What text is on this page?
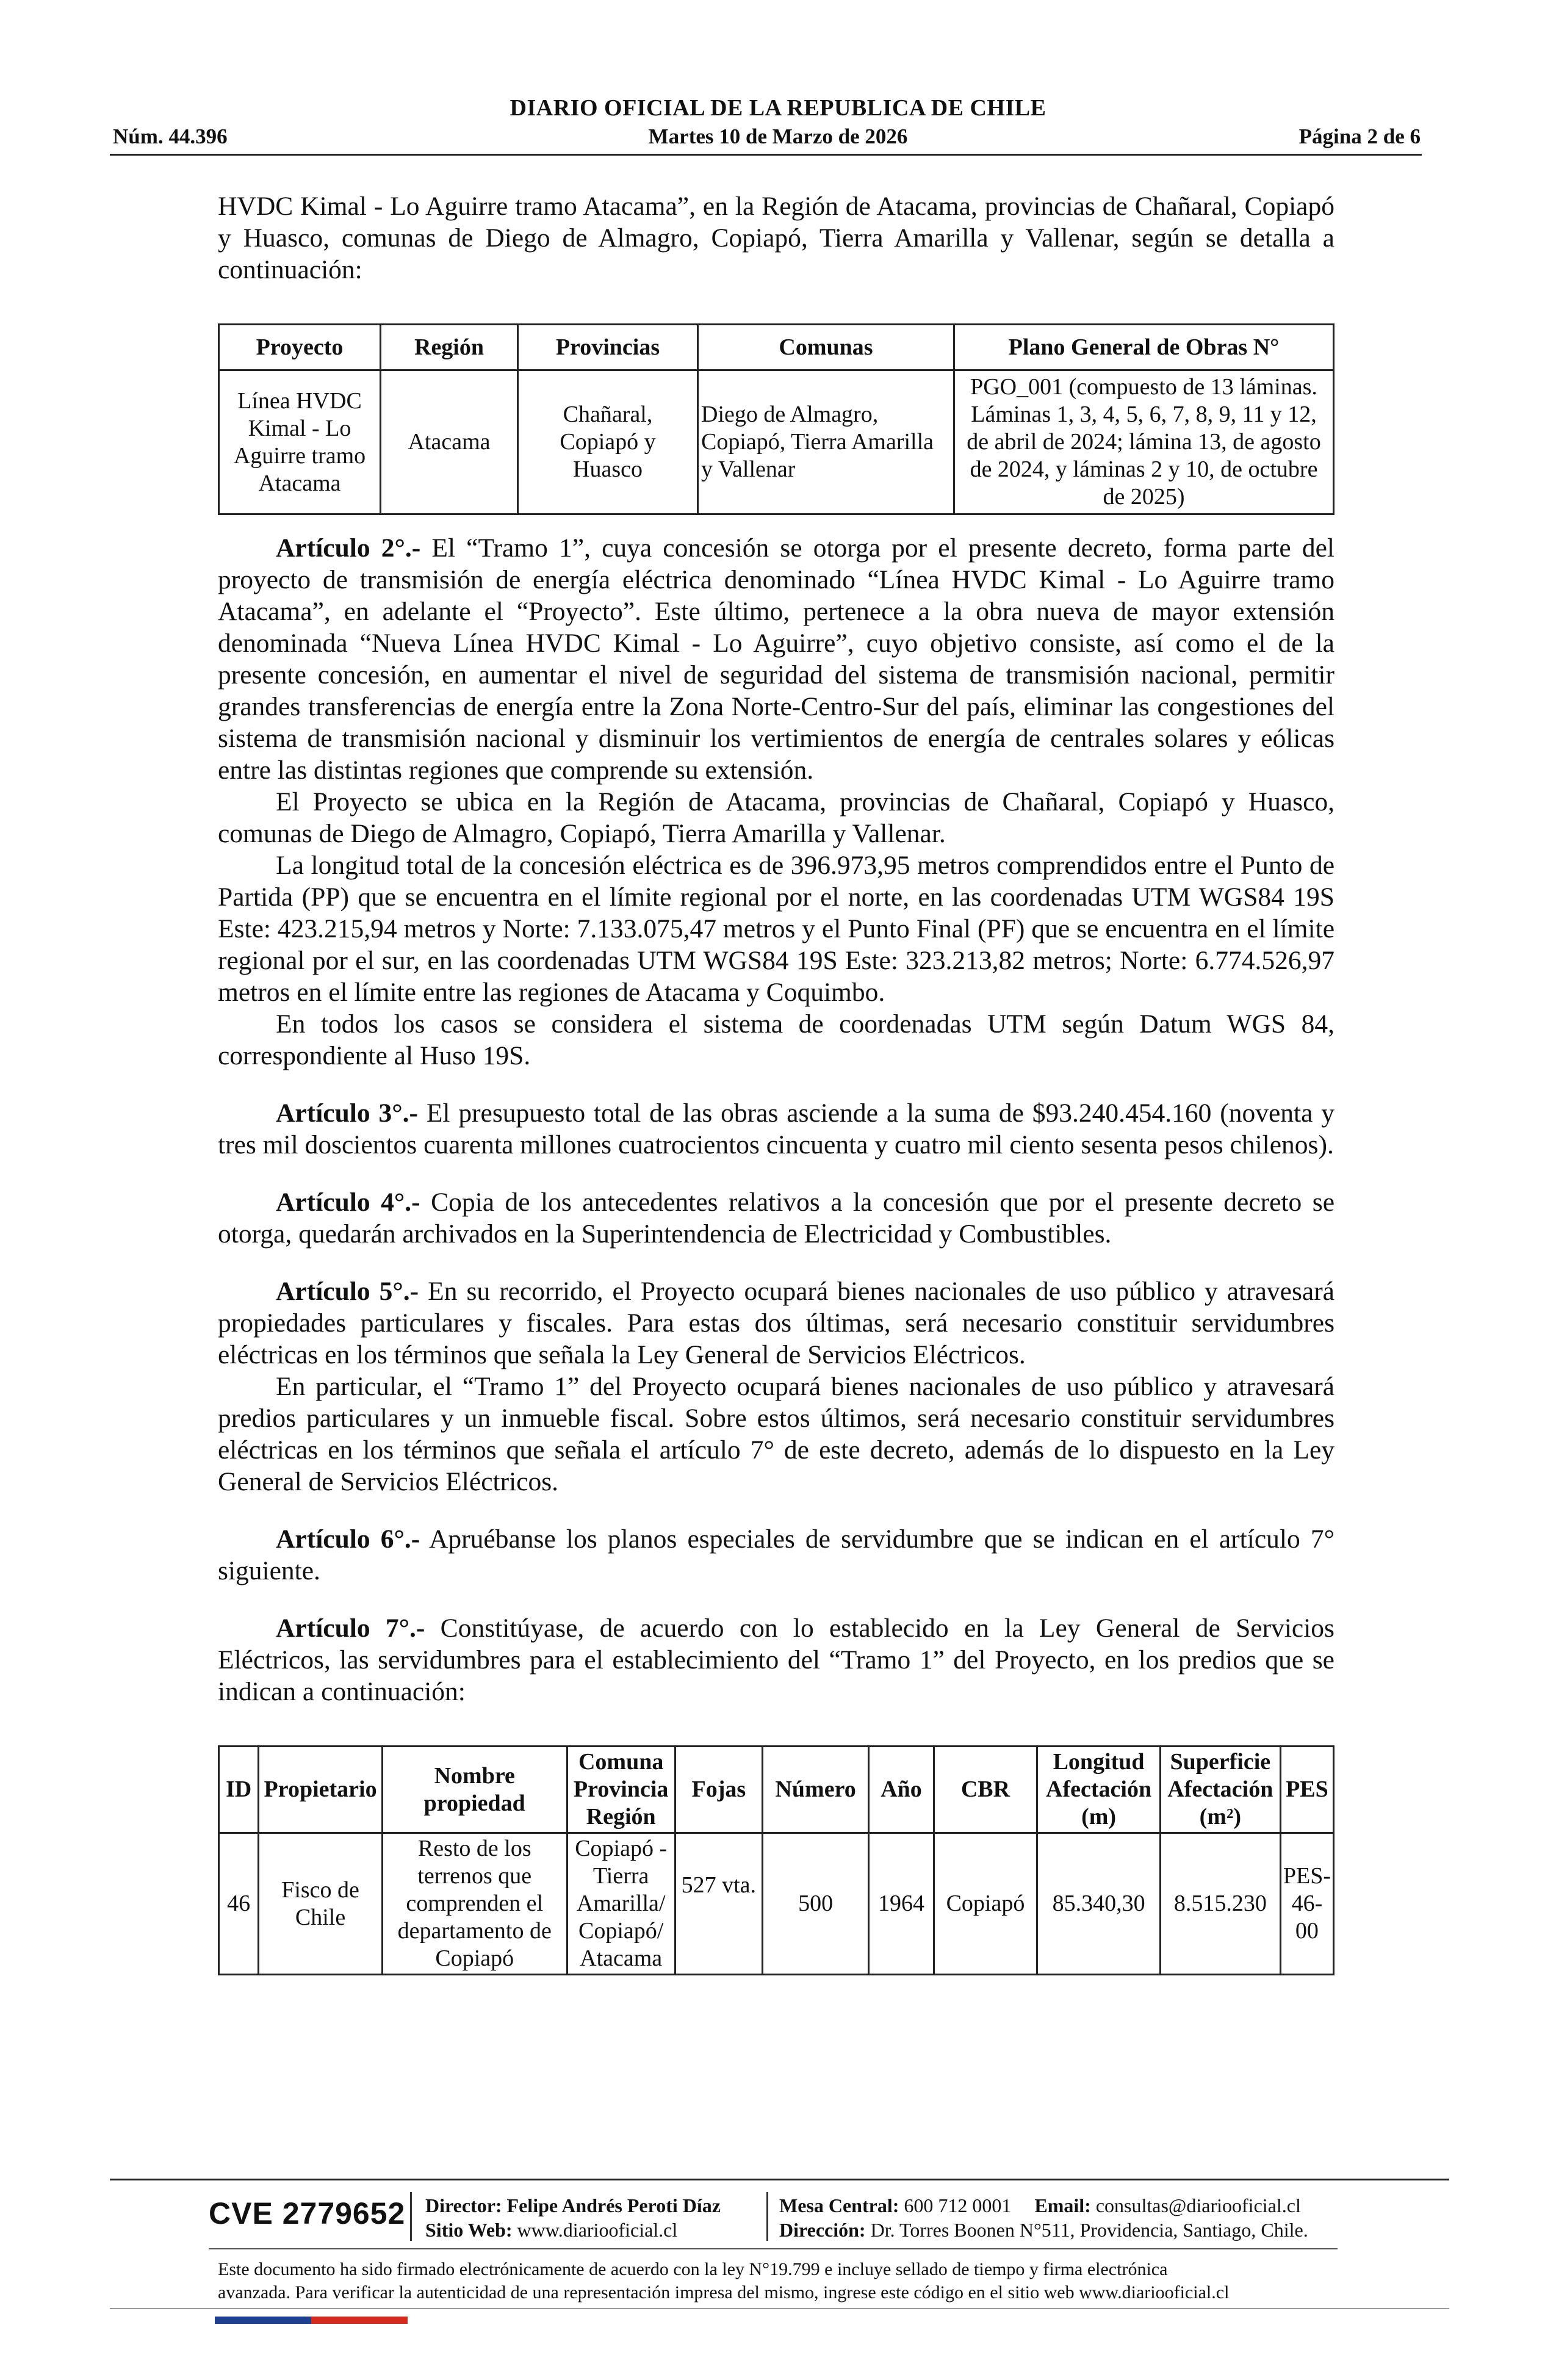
DIARIO OFICIAL DE LA REPUBLICA DE CHILE
Núm. 44.396	Martes 10 de Marzo de 2026	Página 2 de 6

HVDC Kimal - Lo Aguirre tramo Atacama”, en la Región de Atacama, provincias de Chañaral, Copiapó y Huasco, comunas de Diego de Almagro, Copiapó, Tierra Amarilla y Vallenar, según se detalla a continuación:

Proyecto	Región	Provincias	Comunas	Plano General de Obras N°
Línea HVDC Kimal - Lo Aguirre tramo Atacama	Atacama	Chañaral, Copiapó y Huasco	Diego de Almagro, Copiapó, Tierra Amarilla y Vallenar	PGO_001 (compuesto de 13 láminas. Láminas 1, 3, 4, 5, 6, 7, 8, 9, 11 y 12, de abril de 2024; lámina 13, de agosto de 2024, y láminas 2 y 10, de octubre de 2025)

Artículo 2°.- El “Tramo 1”, cuya concesión se otorga por el presente decreto, forma parte del proyecto de transmisión de energía eléctrica denominado “Línea HVDC Kimal - Lo Aguirre tramo Atacama”, en adelante el “Proyecto”. Este último, pertenece a la obra nueva de mayor extensión denominada “Nueva Línea HVDC Kimal - Lo Aguirre”, cuyo objetivo consiste, así como el de la presente concesión, en aumentar el nivel de seguridad del sistema de transmisión nacional, permitir grandes transferencias de energía entre la Zona Norte-Centro-Sur del país, eliminar las congestiones del sistema de transmisión nacional y disminuir los vertimientos de energía de centrales solares y eólicas entre las distintas regiones que comprende su extensión.

El Proyecto se ubica en la Región de Atacama, provincias de Chañaral, Copiapó y Huasco, comunas de Diego de Almagro, Copiapó, Tierra Amarilla y Vallenar.

La longitud total de la concesión eléctrica es de 396.973,95 metros comprendidos entre el Punto de Partida (PP) que se encuentra en el límite regional por el norte, en las coordenadas UTM WGS84 19S Este: 423.215,94 metros y Norte: 7.133.075,47 metros y el Punto Final (PF) que se encuentra en el límite regional por el sur, en las coordenadas UTM WGS84 19S Este: 323.213,82 metros; Norte: 6.774.526,97 metros en el límite entre las regiones de Atacama y Coquimbo.

En todos los casos se considera el sistema de coordenadas UTM según Datum WGS 84, correspondiente al Huso 19S.

Artículo 3°.- El presupuesto total de las obras asciende a la suma de $93.240.454.160 (noventa y tres mil doscientos cuarenta millones cuatrocientos cincuenta y cuatro mil ciento sesenta pesos chilenos).

Artículo 4°.- Copia de los antecedentes relativos a la concesión que por el presente decreto se otorga, quedarán archivados en la Superintendencia de Electricidad y Combustibles.

Artículo 5°.- En su recorrido, el Proyecto ocupará bienes nacionales de uso público y atravesará propiedades particulares y fiscales. Para estas dos últimas, será necesario constituir servidumbres eléctricas en los términos que señala la Ley General de Servicios Eléctricos.

En particular, el “Tramo 1” del Proyecto ocupará bienes nacionales de uso público y atravesará predios particulares y un inmueble fiscal. Sobre estos últimos, será necesario constituir servidumbres eléctricas en los términos que señala el artículo 7° de este decreto, además de lo dispuesto en la Ley General de Servicios Eléctricos.

Artículo 6°.- Apruébanse los planos especiales de servidumbre que se indican en el artículo 7° siguiente.

Artículo 7°.- Constitúyase, de acuerdo con lo establecido en la Ley General de Servicios Eléctricos, las servidumbres para el establecimiento del “Tramo 1” del Proyecto, en los predios que se indican a continuación:

ID	Propietario	Nombre propiedad	Comuna Provincia Región	Fojas	Número	Año	CBR	Longitud Afectación (m)	Superficie Afectación (m²)	PES
46	Fisco de Chile	Resto de los terrenos que comprenden el departamento de Copiapó	Copiapó - Tierra Amarilla/ Copiapó/ Atacama	527 vta.	500	1964	Copiapó	85.340,30	8.515.230	PES-46-00
CVE 2779652 Director: Felipe Andrés Peroti Díaz
Sitio Web: www.diariooficial.cl
Mesa Central: 600 712 0001 Email: consultas@diariooficial.cl
Dirección: Dr. Torres Boonen N°511, Providencia, Santiago, Chile.
Este documento ha sido firmado electrónicamente de acuerdo con la ley N°19.799 e incluye sellado de tiempo y firma electrónica
avanzada. Para verificar la autenticidad de una representación impresa del mismo, ingrese este código en el sitio web www.diariooficial.cl
